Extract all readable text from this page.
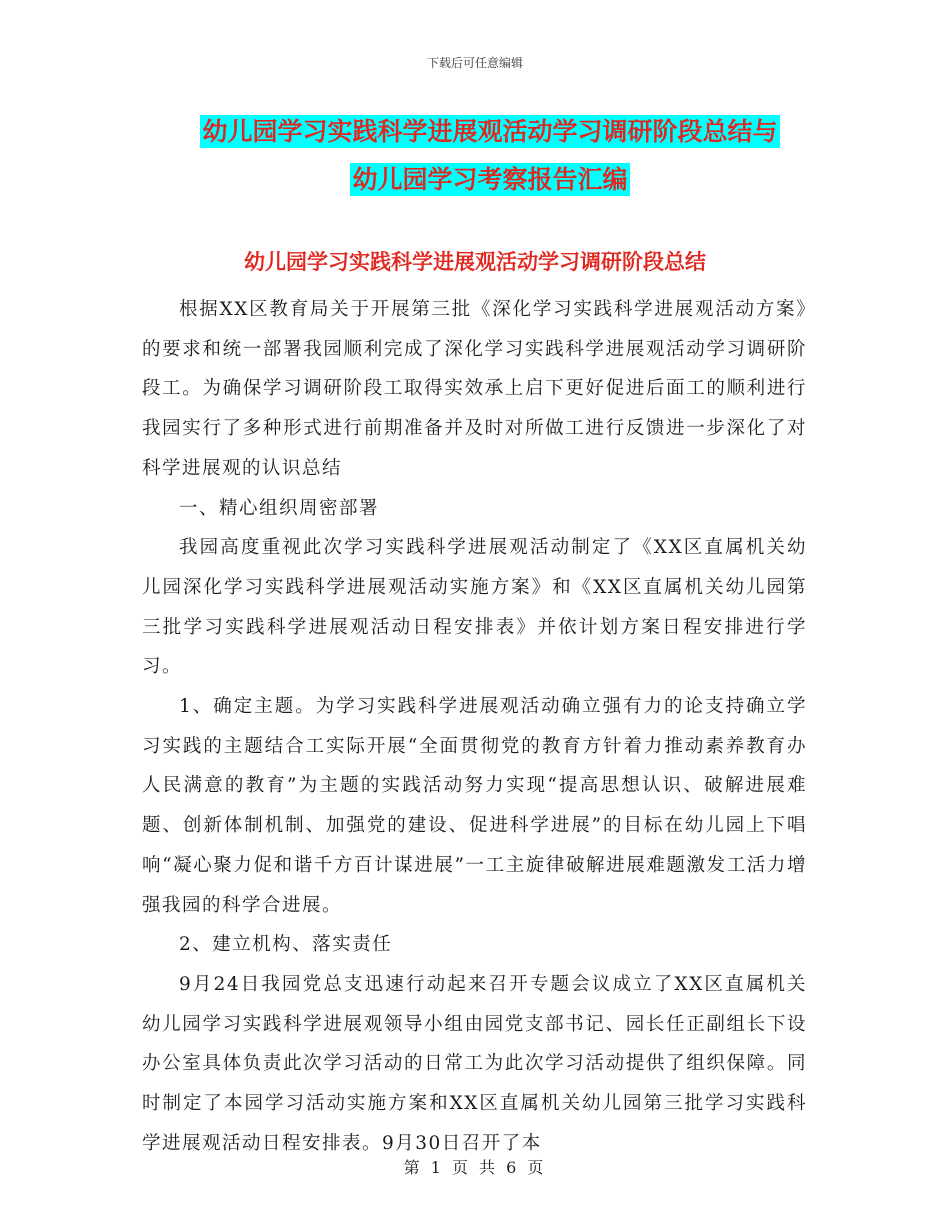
下载后可任意编辑
幼儿园学习实践科学进展观活动学习调研阶段总结与
幼儿园学习考察报告汇编
幼儿园学习实践科学进展观活动学习调研阶段总结

根据XX区教育局关于开展第三批《深化学习实践科学进展观活动方案》的要求和统一部署我园顺利完成了深化学习实践科学进展观活动学习调研阶段工。为确保学习调研阶段工取得实效承上启下更好促进后面工的顺利进行我园实行了多种形式进行前期准备并及时对所做工进行反馈进一步深化了对科学进展观的认识总结

一、精心组织周密部署

我园高度重视此次学习实践科学进展观活动制定了《XX区直属机关幼儿园深化学习实践科学进展观活动实施方案》和《XX区直属机关幼儿园第三批学习实践科学进展观活动日程安排表》并依计划方案日程安排进行学习。

1、确定主题。为学习实践科学进展观活动确立强有力的论支持确立学习实践的主题结合工实际开展“全面贯彻党的教育方针着力推动素养教育办人民满意的教育”为主题的实践活动努力实现“提高思想认识、破解进展难题、创新体制机制、加强党的建设、促进科学进展”的目标在幼儿园上下唱响“凝心聚力促和谐千方百计谋进展”一工主旋律破解进展难题激发工活力增强我园的科学合进展。

2、建立机构、落实责任

9月24日我园党总支迅速行动起来召开专题会议成立了XX区直属机关幼儿园学习实践科学进展观领导小组由园党支部书记、园长任正副组长下设办公室具体负责此次学习活动的日常工为此次学习活动提供了组织保障。同时制定了本园学习活动实施方案和XX区直属机关幼儿园第三批学习实践科学进展观活动日程安排表。9月30日召开了本

第 1 页 共 6 页
